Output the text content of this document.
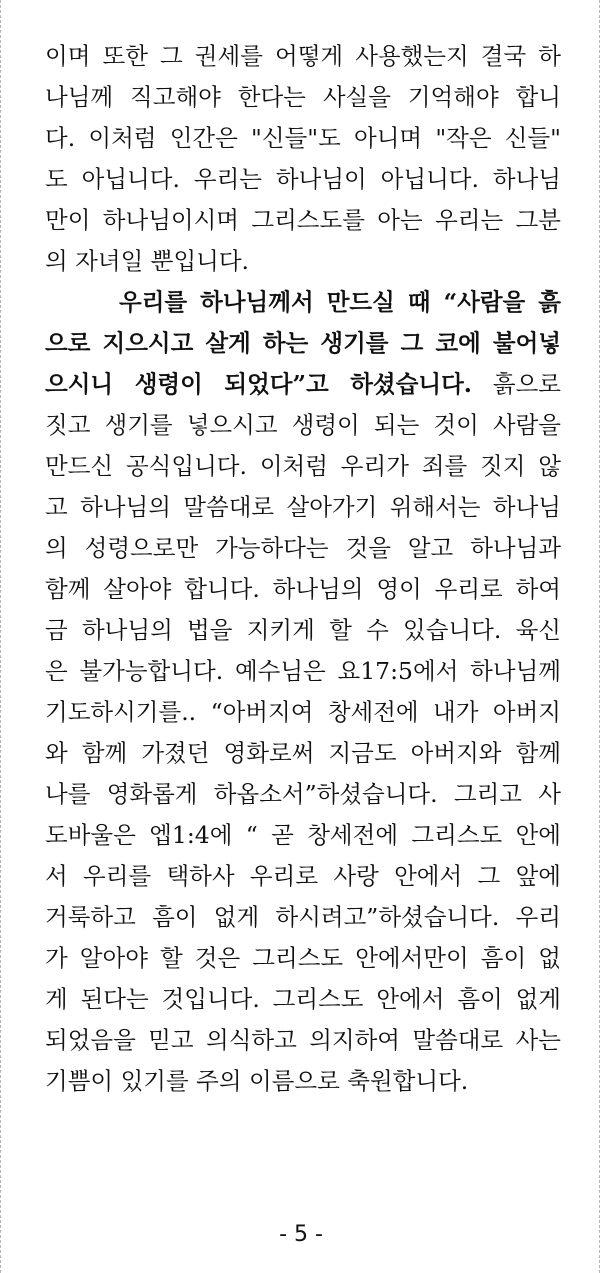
이며 또한 그 권세를 어떻게 사용했는지 결국 하
나님께 직고해야 한다는 사실을 기억해야 합니
다. 이처럼 인간은 "신들"도 아니며 "작은 신들"
도 아닙니다. 우리는 하나님이 아닙니다. 하나님
만이 하나님이시며 그리스도를 아는 우리는 그분
의 자녀일 뿐입니다.
우리를 하나님께서 만드실 때 “사람을 흙
으로 지으시고 살게 하는 생기를 그 코에 불어넣
으시니 생령이 되었다”고 하셨습니다. 흙으로
짓고 생기를 넣으시고 생령이 되는 것이 사람을
만드신 공식입니다. 이처럼 우리가 죄를 짓지 않
고 하나님의 말씀대로 살아가기 위해서는 하나님
의 성령으로만 가능하다는 것을 알고 하나님과
함께 살아야 합니다. 하나님의 영이 우리로 하여
금 하나님의 법을 지키게 할 수 있습니다. 육신
은 불가능합니다. 예수님은 요17:5에서 하나님께
기도하시기를.. “아버지여 창세전에 내가 아버지
와 함께 가졌던 영화로써 지금도 아버지와 함께
나를 영화롭게 하옵소서”하셨습니다. 그리고 사
도바울은 엡1:4에 “ 곧 창세전에 그리스도 안에
서 우리를 택하사 우리로 사랑 안에서 그 앞에
거룩하고 흠이 없게 하시려고”하셨습니다. 우리
가 알아야 할 것은 그리스도 안에서만이 흠이 없
게 된다는 것입니다. 그리스도 안에서 흠이 없게
되었음을 믿고 의식하고 의지하여 말씀대로 사는
기쁨이 있기를 주의 이름으로 축원합니다.
- 5 -
